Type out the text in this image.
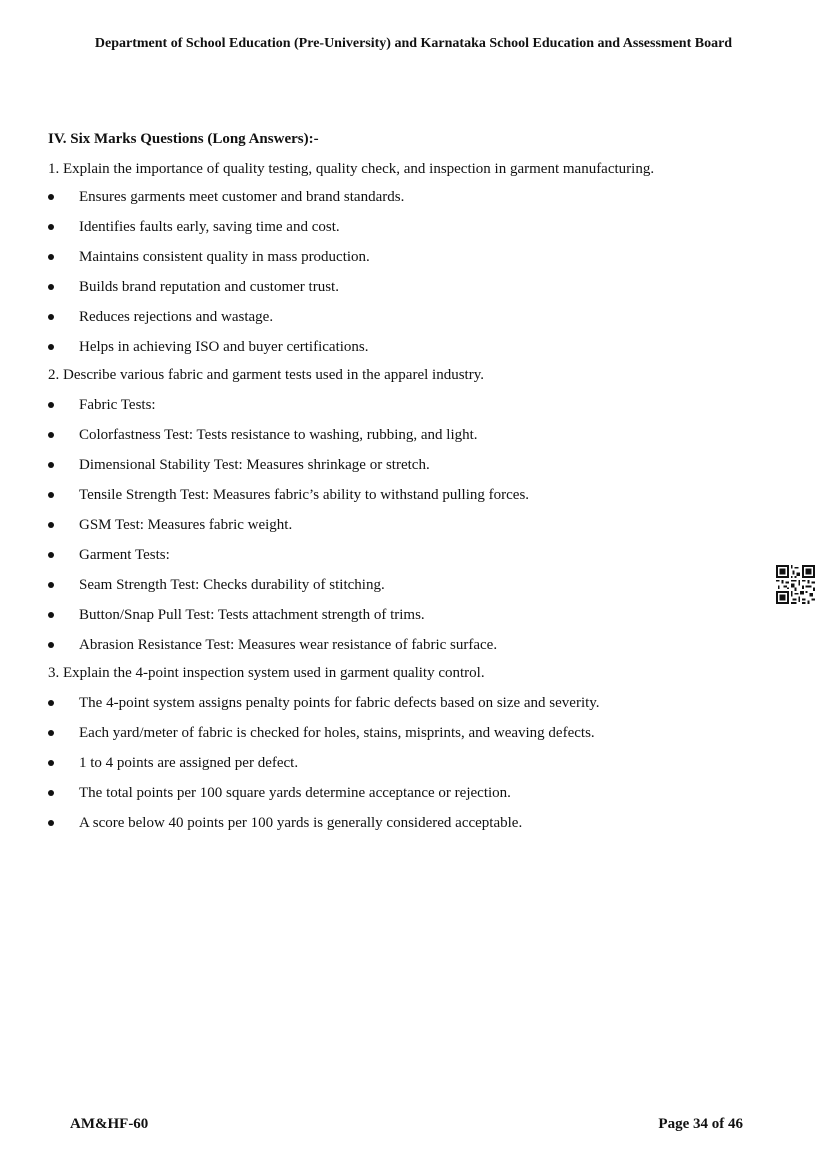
Department of School Education (Pre-University) and Karnataka School Education and Assessment Board
IV. Six Marks Questions (Long Answers):-
1. Explain the importance of quality testing, quality check, and inspection in garment manufacturing.
Ensures garments meet customer and brand standards.
Identifies faults early, saving time and cost.
Maintains consistent quality in mass production.
Builds brand reputation and customer trust.
Reduces rejections and wastage.
Helps in achieving ISO and buyer certifications.
2. Describe various fabric and garment tests used in the apparel industry.
Fabric Tests:
Colorfastness Test: Tests resistance to washing, rubbing, and light.
Dimensional Stability Test: Measures shrinkage or stretch.
Tensile Strength Test: Measures fabric’s ability to withstand pulling forces.
GSM Test: Measures fabric weight.
Garment Tests:
Seam Strength Test: Checks durability of stitching.
Button/Snap Pull Test: Tests attachment strength of trims.
Abrasion Resistance Test: Measures wear resistance of fabric surface.
3. Explain the 4-point inspection system used in garment quality control.
The 4-point system assigns penalty points for fabric defects based on size and severity.
Each yard/meter of fabric is checked for holes, stains, misprints, and weaving defects.
1 to 4 points are assigned per defect.
The total points per 100 square yards determine acceptance or rejection.
A score below 40 points per 100 yards is generally considered acceptable.
AM&HF-60	Page 34 of 46
